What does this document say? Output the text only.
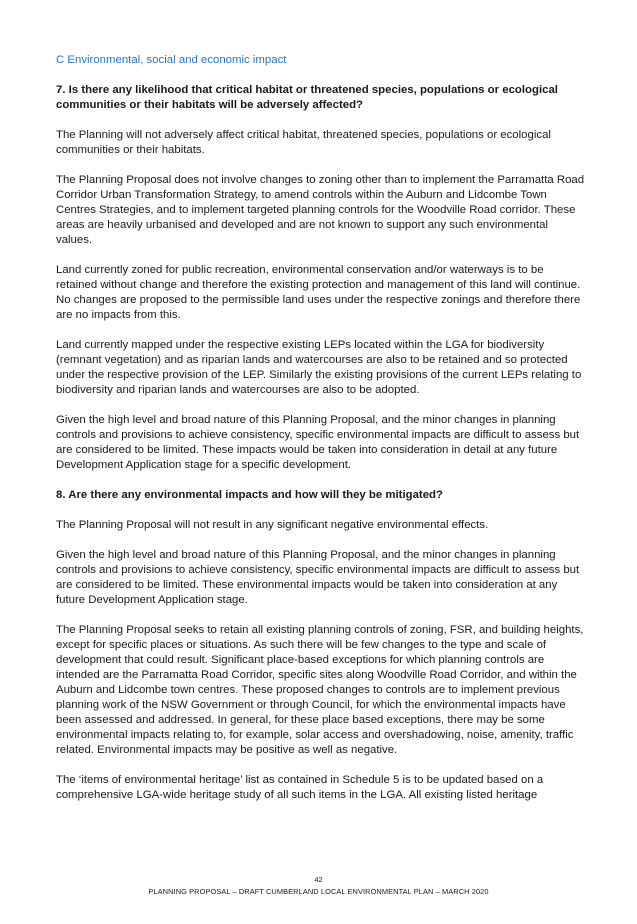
C Environmental, social and economic impact
7. Is there any likelihood that critical habitat or threatened species, populations or ecological communities or their habitats will be adversely affected?

The Planning will not adversely affect critical habitat, threatened species, populations or ecological communities or their habitats.

The Planning Proposal does not involve changes to zoning other than to implement the Parramatta Road Corridor Urban Transformation Strategy, to amend controls within the Auburn and Lidcombe Town Centres Strategies, and to implement targeted planning controls for the Woodville Road corridor. These areas are heavily urbanised and developed and are not known to support any such environmental values.

Land currently zoned for public recreation, environmental conservation and/or waterways is to be retained without change and therefore the existing protection and management of this land will continue. No changes are proposed to the permissible land uses under the respective zonings and therefore there are no impacts from this.

Land currently mapped under the respective existing LEPs located within the LGA for biodiversity (remnant vegetation) and as riparian lands and watercourses are also to be retained and so protected under the respective provision of the LEP. Similarly the existing provisions of the current LEPs relating to biodiversity and riparian lands and watercourses are also to be adopted.

Given the high level and broad nature of this Planning Proposal, and the minor changes in planning controls and provisions to achieve consistency, specific environmental impacts are difficult to assess but are considered to be limited. These impacts would be taken into consideration in detail at any future Development Application stage for a specific development.

8. Are there any environmental impacts and how will they be mitigated?

The Planning Proposal will not result in any significant negative environmental effects.

Given the high level and broad nature of this Planning Proposal, and the minor changes in planning controls and provisions to achieve consistency, specific environmental impacts are difficult to assess but are considered to be limited. These environmental impacts would be taken into consideration at any future Development Application stage.

The Planning Proposal seeks to retain all existing planning controls of zoning, FSR, and building heights, except for specific places or situations. As such there will be few changes to the type and scale of development that could result. Significant place-based exceptions for which planning controls are intended are the Parramatta Road Corridor, specific sites along Woodville Road Corridor, and within the Auburn and Lidcombe town centres. These proposed changes to controls are to implement previous planning work of the NSW Government or through Council, for which the environmental impacts have been assessed and addressed. In general, for these place based exceptions, there may be some environmental impacts relating to, for example, solar access and overshadowing, noise, amenity, traffic related. Environmental impacts may be positive as well as negative.

The ‘items of environmental heritage’ list as contained in Schedule 5 is to be updated based on a comprehensive LGA-wide heritage study of all such items in the LGA. All existing listed heritage

42
PLANNING PROPOSAL – DRAFT CUMBERLAND LOCAL ENVIRONMENTAL PLAN – MARCH 2020
